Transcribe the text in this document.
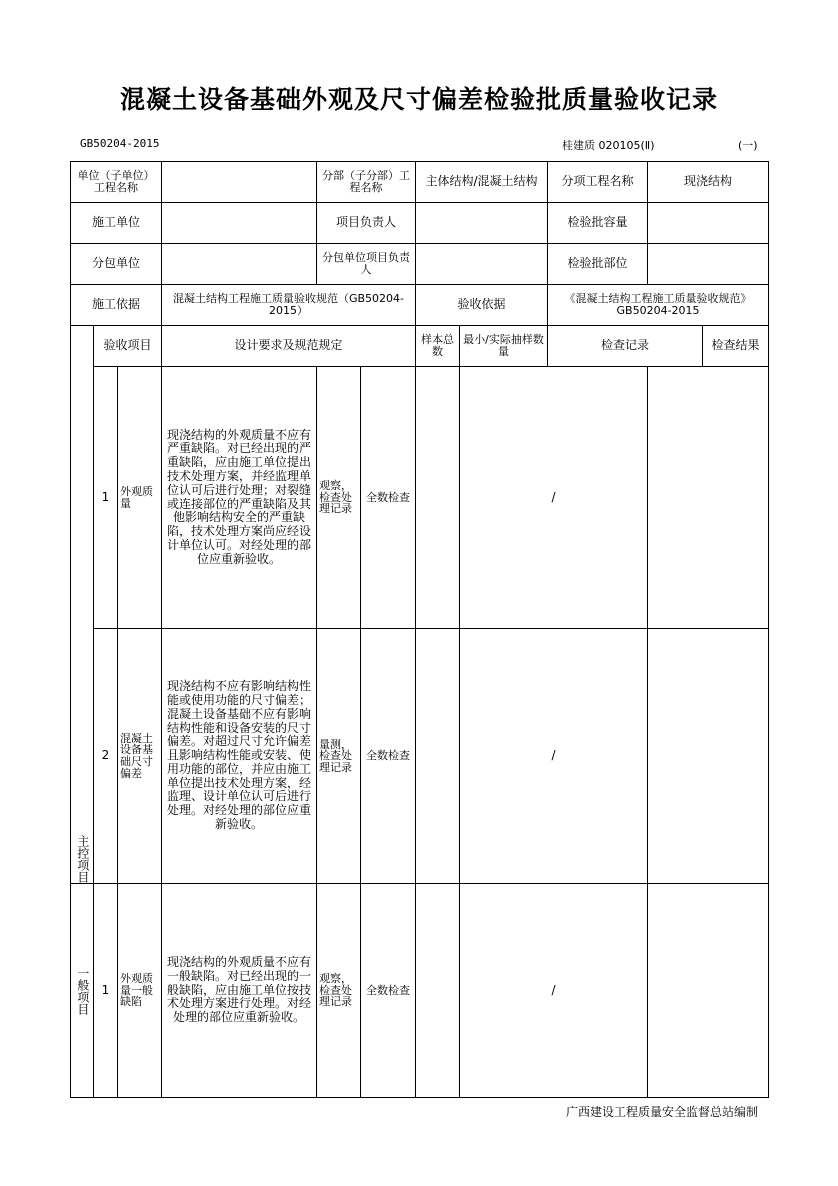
混凝土设备基础外观及尺寸偏差检验批质量验收记录
GB50204-2015	桂建质 020105(Ⅱ)	(一)
单位（子单位）工程名称				分部（子分部）工程名称		主体结构/混凝土结构		分项工程名称	现浇结构		
施工单位				项目负责人				检验批容量			
分包单位				分包单位项目负责人				检验批部位			
施工依据			混凝土结构工程施工质量验收规范（GB50204-2015）			验收依据		《混凝土结构工程施工质量验收规范》GB50204-2015			

主控项目	验收项目		设计要求及规范规定			样本总数	最小/实际抽样数量	检查记录		检查结果	
	1	外观质量	现浇结构的外观质量不应有严重缺陷。对已经出现的严重缺陷，应由施工单位提出技术处理方案，并经监理单位认可后进行处理；对裂缝或连接部位的严重缺陷及其他影响结构安全的严重缺陷，技术处理方案尚应经设计单位认可。对经处理的部位应重新验收。	观察，检查处理记录	全数检查		/				
	2	混凝土设备基础尺寸偏差	现浇结构不应有影响结构性能或使用功能的尺寸偏差；混凝土设备基础不应有影响结构性能和设备安装的尺寸偏差。对超过尺寸允许偏差且影响结构性能或安装、使用功能的部位，并应由施工单位提出技术处理方案，经监理、设计单位认可后进行处理。对经处理的部位应重新验收。	量测，检查处理记录	全数检查		/				

一般项目	1	外观质量一般缺陷	现浇结构的外观质量不应有一般缺陷。对已经出现的一般缺陷，应由施工单位按技术处理方案进行处理。对经处理的部位应重新验收。	观察，检查处理记录	全数检查		/				
广西建设工程质量安全监督总站编制
